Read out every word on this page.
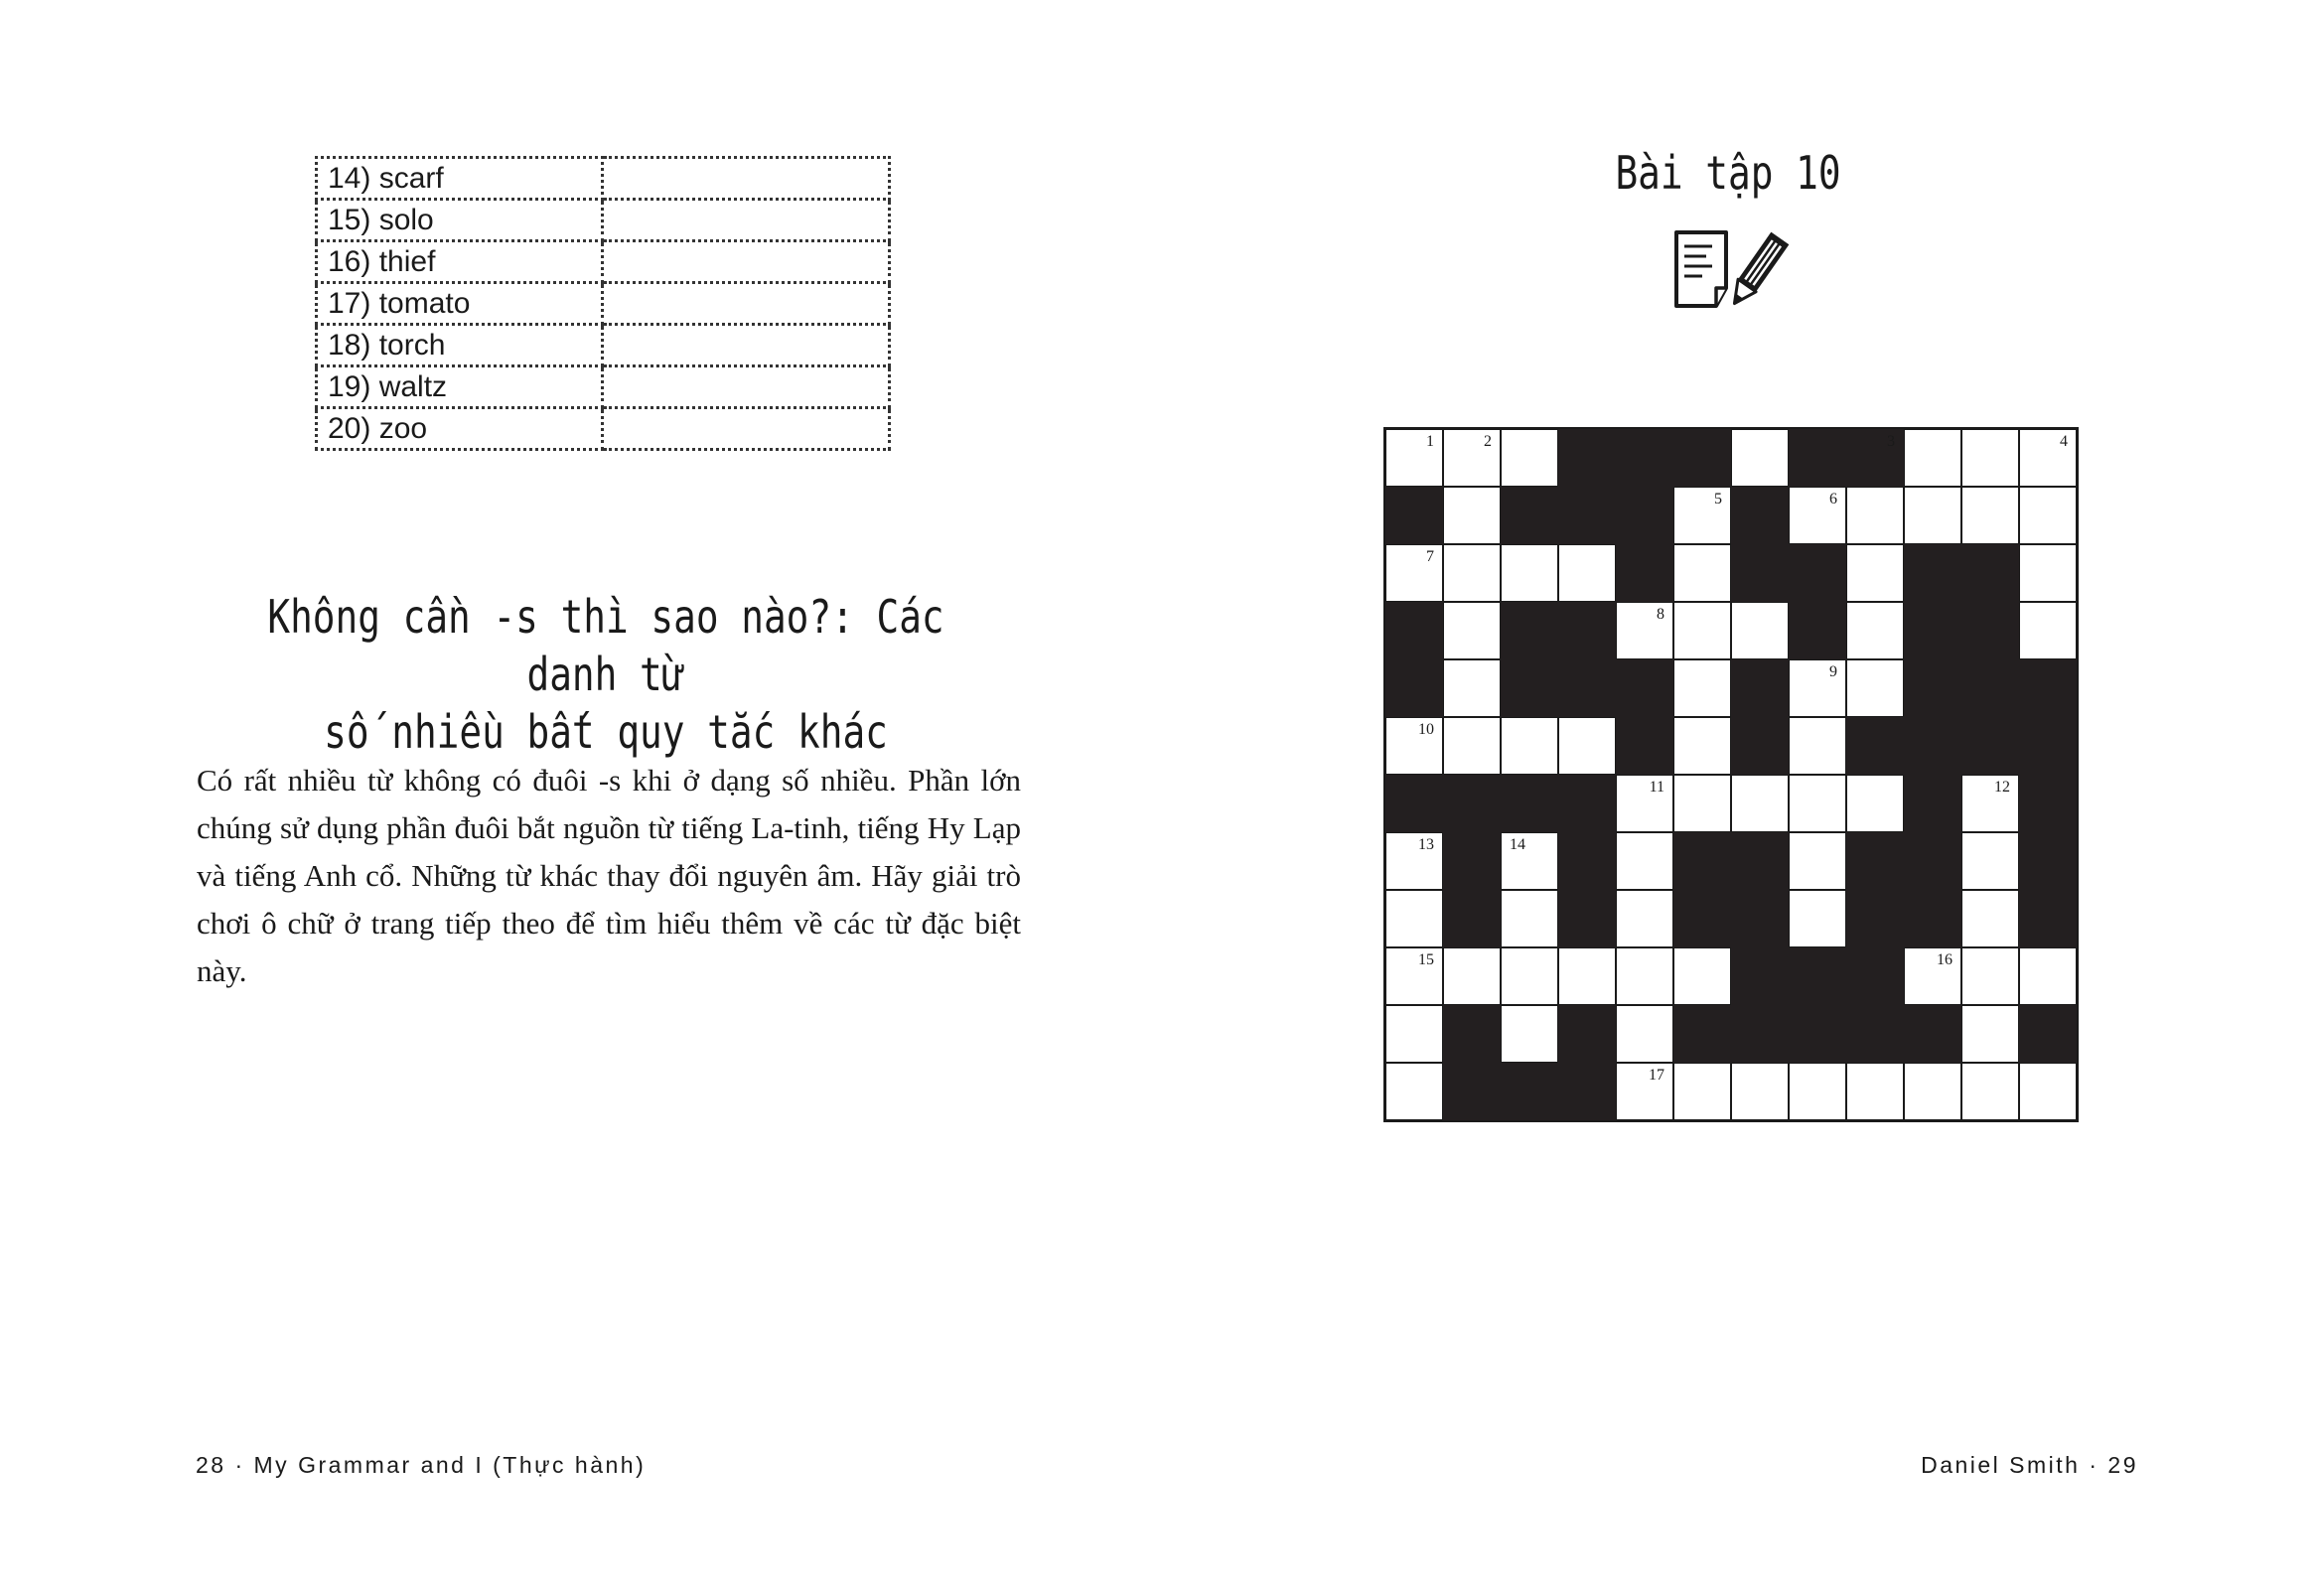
14) scarf	
15) solo	
16) thief	
17) tomato	
18) torch	
19) waltz	
20) zoo	
Không cần -s thì sao nào?: Các danh từ
số nhiều bất quy tắc khác

Có rất nhiều từ không có đuôi -s khi ở dạng số nhiều. Phần lớn chúng sử dụng phần đuôi bắt nguồn từ tiếng La-tinh, tiếng Hy Lạp và tiếng Anh cổ. Những từ khác thay đổi nguyên âm. Hãy giải trò chơi ô chữ ở trang tiếp theo để tìm hiểu thêm về các từ đặc biệt này.

28 · My Grammar and I (Thực hành)
Bài tập 10
1	2	3	4
5	6
7
8
9
10
11	12
13	14
15	16
17
Daniel Smith · 29
